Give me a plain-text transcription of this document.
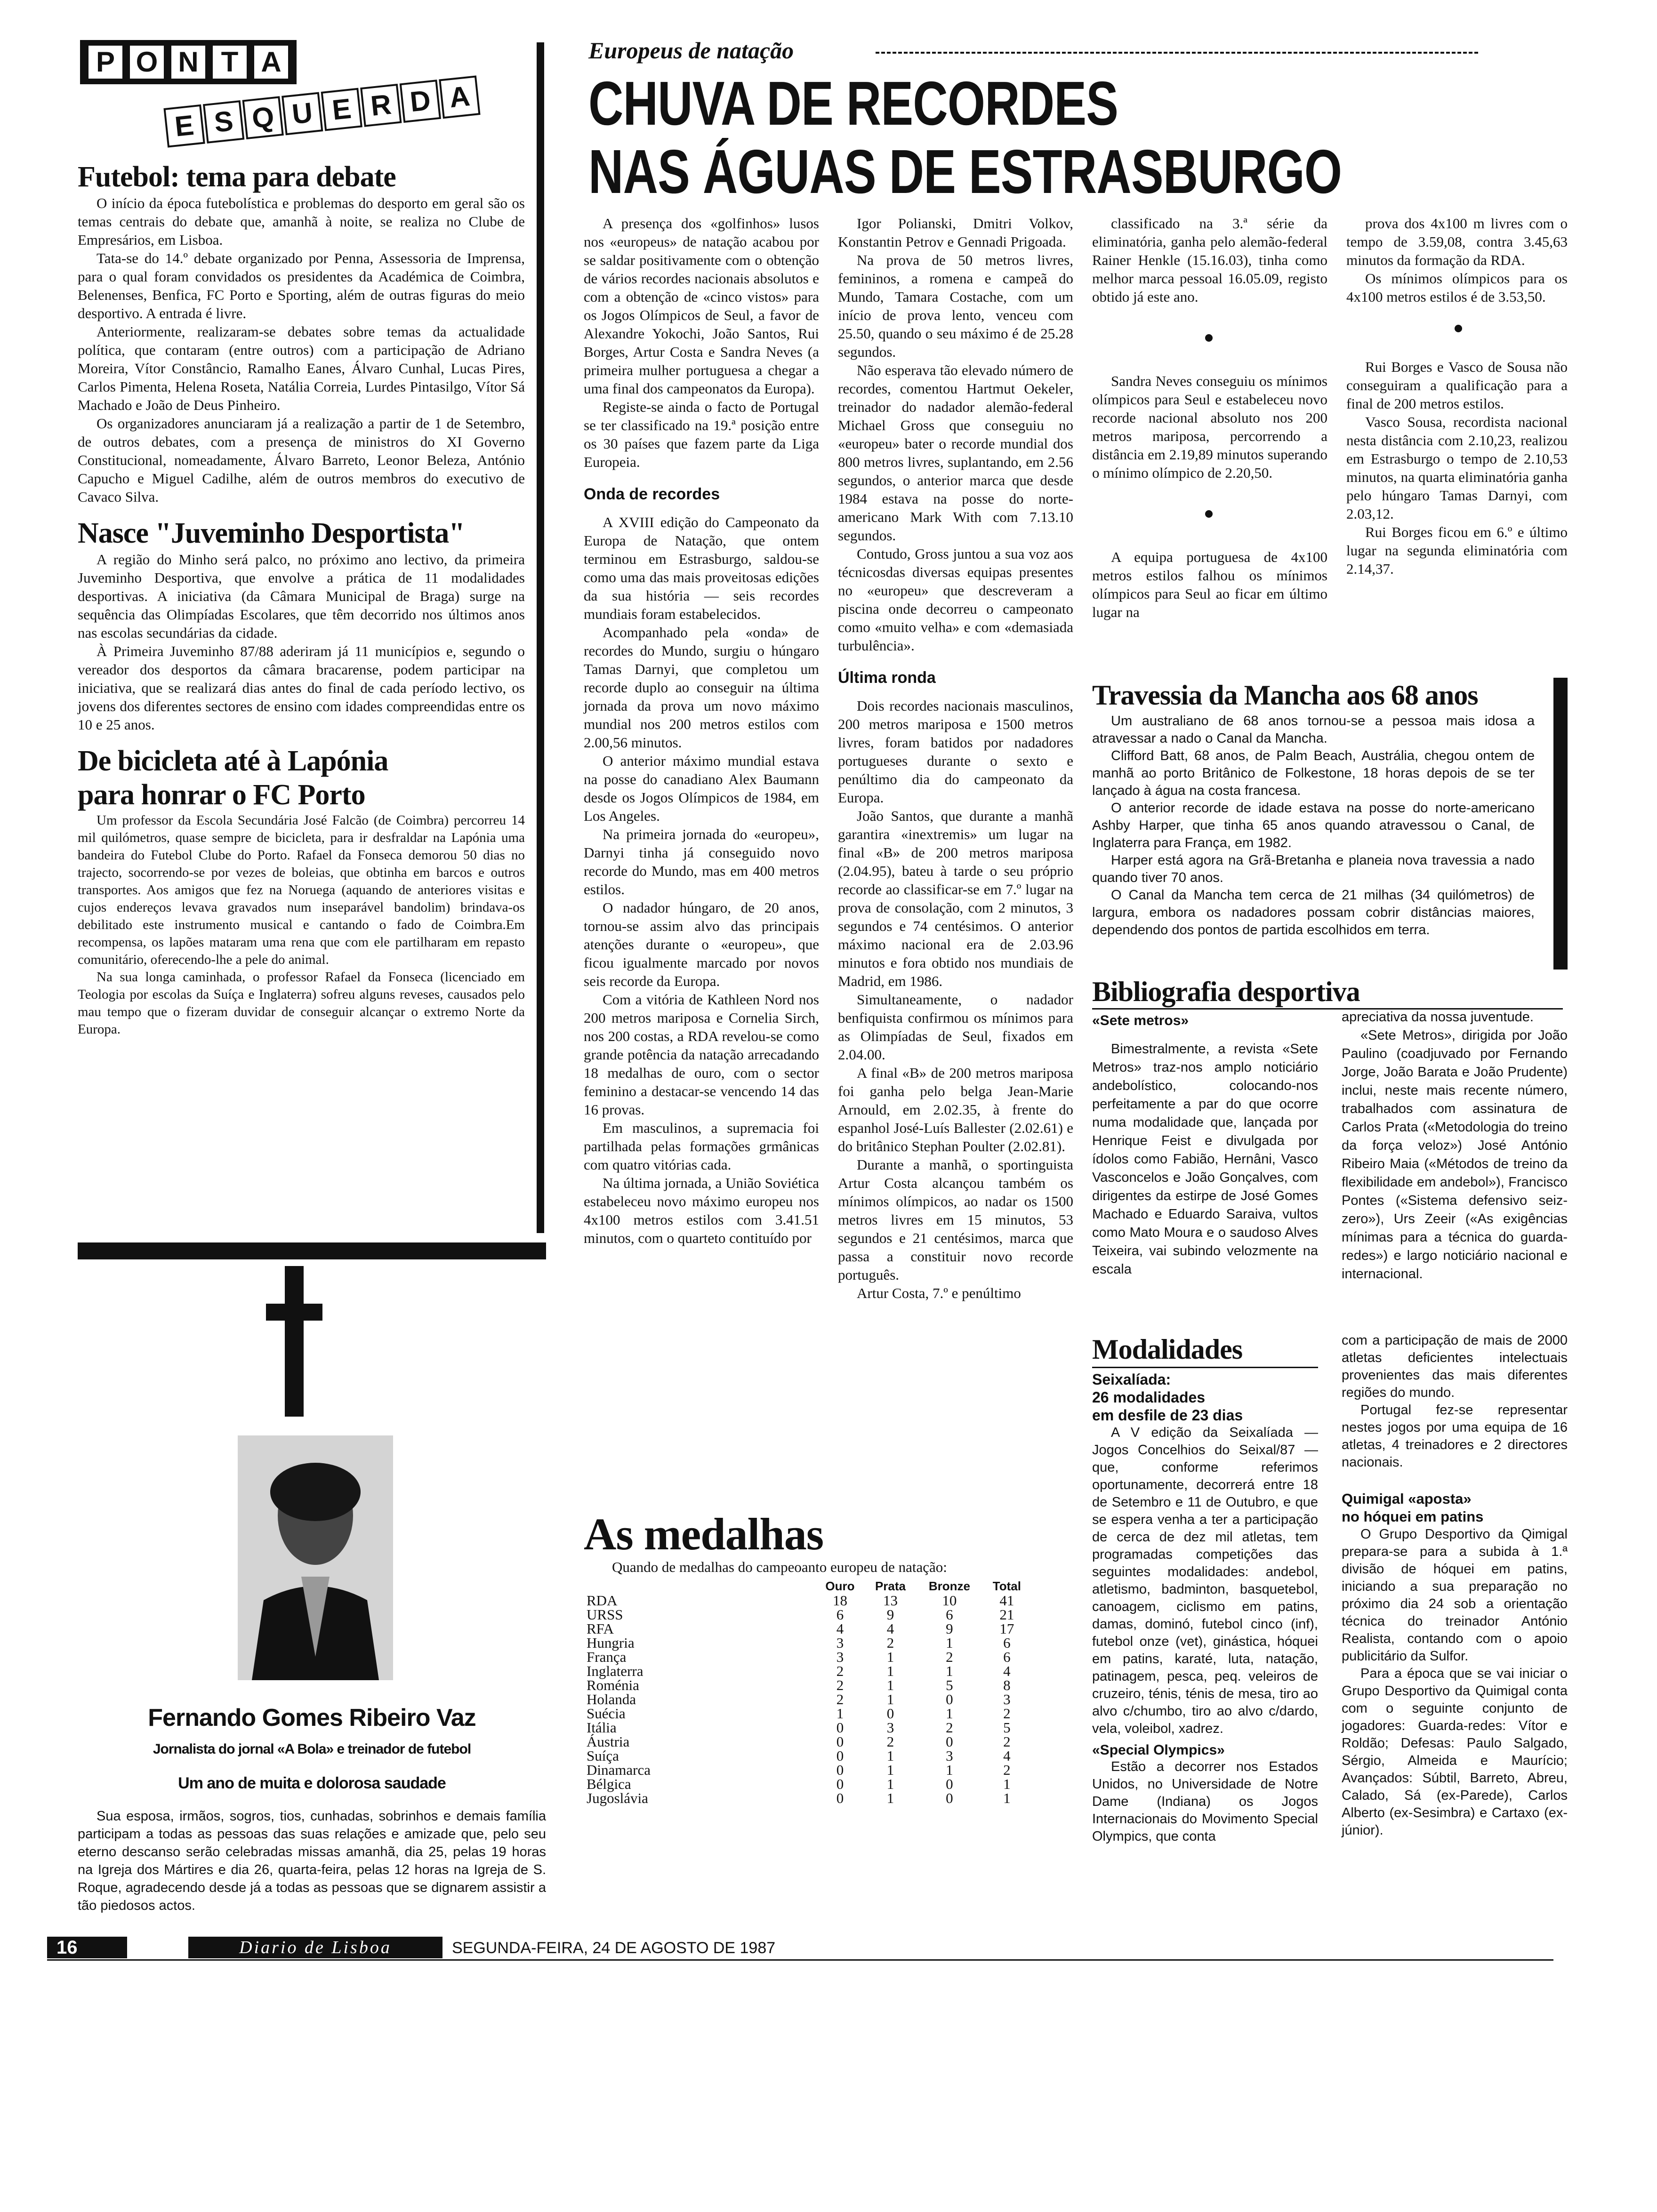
P O N T A
E S Q U E R D A
Futebol: tema para debate

O início da época futebolística e problemas do desporto em geral são os temas centrais do debate que, amanhã à noite, se realiza no Clube de Empresários, em Lisboa.

Tata-se do 14.º debate organizado por Penna, Assessoria de Imprensa, para o qual foram convidados os presidentes da Académica de Coimbra, Belenenses, Benfica, FC Porto e Sporting, além de outras figuras do meio desportivo. A entrada é livre.

Anteriormente, realizaram-se debates sobre temas da actualidade política, que contaram (entre outros) com a participação de Adriano Moreira, Vítor Constâncio, Ramalho Eanes, Álvaro Cunhal, Lucas Pires, Carlos Pimenta, Helena Roseta, Natália Correia, Lurdes Pintasilgo, Vítor Sá Machado e João de Deus Pinheiro.

Os organizadores anunciaram já a realização a partir de 1 de Setembro, de outros debates, com a presença de ministros do XI Governo Constitucional, nomeadamente, Álvaro Barreto, Leonor Beleza, António Capucho e Miguel Cadilhe, além de outros membros do executivo de Cavaco Silva.

Nasce "Juveminho Desportista"

A região do Minho será palco, no próximo ano lectivo, da primeira Juveminho Desportiva, que envolve a prática de 11 modalidades desportivas. A iniciativa (da Câmara Municipal de Braga) surge na sequência das Olimpíadas Escolares, que têm decorrido nos últimos anos nas escolas secundárias da cidade.

À Primeira Juveminho 87/88 aderiram já 11 municípios e, segundo o vereador dos desportos da câmara bracarense, podem participar na iniciativa, que se realizará dias antes do final de cada período lectivo, os jovens dos diferentes sectores de ensino com idades compreendidas entre os 10 e 25 anos.

De bicicleta até à Lapónia
para honrar o FC Porto

Um professor da Escola Secundária José Falcão (de Coimbra) percorreu 14 mil quilómetros, quase sempre de bicicleta, para ir desfraldar na Lapónia uma bandeira do Futebol Clube do Porto. Rafael da Fonseca demorou 50 dias no trajecto, socorrendo-se por vezes de boleias, que obtinha em barcos e outros transportes. Aos amigos que fez na Noruega (aquando de anteriores visitas e cujos endereços levava gravados num inseparável bandolim) brindava-os debilitado este instrumento musical e cantando o fado de Coimbra.Em recompensa, os lapões mataram uma rena que com ele partilharam em repasto comunitário, oferecendo-lhe a pele do animal.

Na sua longa caminhada, o professor Rafael da Fonseca (licenciado em Teologia por escolas da Suíça e Inglaterra) sofreu alguns reveses, causados pelo mau tempo que o fizeram duvidar de conseguir alcançar o extremo Norte da Europa.

Fernando Gomes Ribeiro Vaz
Jornalista do jornal «A Bola» e treinador de futebol
Um ano de muita e dolorosa saudade
Sua esposa, irmãos, sogros, tios, cunhadas, sobrinhos e demais família participam a todas as pessoas das suas relações e amizade que, pelo seu eterno descanso serão celebradas missas amanhã, dia 25, pelas 19 horas na Igreja dos Mártires e dia 26, quarta-feira, pelas 12 horas na Igreja de S. Roque, agradecendo desde já a todas as pessoas que se dignarem assistir a tão piedosos actos.
16	Diario de Lisboa	SEGUNDA-FEIRA, 24 DE AGOSTO DE 1987
Europeus de natação
CHUVA DE RECORDES
NAS ÁGUAS DE ESTRASBURGO

A presença dos «golfinhos» lusos nos «europeus» de natação acabou por se saldar positivamente com o obtenção de vários recordes nacionais absolutos e com a obtenção de «cinco vistos» para os Jogos Olímpicos de Seul, a favor de Alexandre Yokochi, João Santos, Rui Borges, Artur Costa e Sandra Neves (a primeira mulher portuguesa a chegar a uma final dos campeonatos da Europa).

Registe-se ainda o facto de Portugal se ter classificado na 19.ª posição entre os 30 países que fazem parte da Liga Europeia.

Onda de recordes

A XVIII edição do Campeonato da Europa de Natação, que ontem terminou em Estrasburgo, saldou-se como uma das mais proveitosas edições da sua história — seis recordes mundiais foram estabelecidos.

Acompanhado pela «onda» de recordes do Mundo, surgiu o húngaro Tamas Darnyi, que completou um recorde duplo ao conseguir na última jornada da prova um novo máximo mundial nos 200 metros estilos com 2.00,56 minutos.

O anterior máximo mundial estava na posse do canadiano Alex Baumann desde os Jogos Olímpicos de 1984, em Los Angeles.

Na primeira jornada do «europeu», Darnyi tinha já conseguido novo recorde do Mundo, mas em 400 metros estilos.

O nadador húngaro, de 20 anos, tornou-se assim alvo das principais atenções durante o «europeu», que ficou igualmente marcado por novos seis recorde da Europa.

Com a vitória de Kathleen Nord nos 200 metros mariposa e Cornelia Sirch, nos 200 costas, a RDA revelou-se como grande potência da natação arrecadando 18 medalhas de ouro, com o sector feminino a destacar-se vencendo 14 das 16 provas.

Em masculinos, a supremacia foi partilhada pelas formações grmânicas com quatro vitórias cada.

Na última jornada, a União Soviética estabeleceu novo máximo europeu nos 4x100 metros estilos com 3.41.51 minutos, com o quarteto contituído por

Igor Polianski, Dmitri Volkov, Konstantin Petrov e Gennadi Prigoada.

Na prova de 50 metros livres, femininos, a romena e campeã do Mundo, Tamara Costache, com um início de prova lento, venceu com 25.50, quando o seu máximo é de 25.28 segundos.

Não esperava tão elevado número de recordes, comentou Hartmut Oekeler, treinador do nadador alemão-federal Michael Gross que conseguiu no «europeu» bater o recorde mundial dos 800 metros livres, suplantando, em 2.56 segundos, o anterior marca que desde 1984 estava na posse do norte-americano Mark With com 7.13.10 segundos.

Contudo, Gross juntou a sua voz aos técnicosdas diversas equipas presentes no «europeu» que descreveram a piscina onde decorreu o campeonato como «muito velha» e com «demasiada turbulência».

Última ronda

Dois recordes nacionais masculinos, 200 metros mariposa e 1500 metros livres, foram batidos por nadadores portugueses durante o sexto e penúltimo dia do campeonato da Europa.

João Santos, que durante a manhã garantira «inextremis» um lugar na final «B» de 200 metros mariposa (2.04.95), bateu à tarde o seu próprio recorde ao classificar-se em 7.º lugar na prova de consolação, com 2 minutos, 3 segundos e 74 centésimos. O anterior máximo nacional era de 2.03.96 minutos e fora obtido nos mundiais de Madrid, em 1986.

Simultaneamente, o nadador benfiquista confirmou os mínimos para as Olimpíadas de Seul, fixados em 2.04.00.

A final «B» de 200 metros mariposa foi ganha pelo belga Jean-Marie Arnould, em 2.02.35, à frente do espanhol José-Luís Ballester (2.02.61) e do britânico Stephan Poulter (2.02.81).

Durante a manhã, o sportinguista Artur Costa alcançou também os mínimos olímpicos, ao nadar os 1500 metros livres em 15 minutos, 53 segundos e 21 centésimos, marca que passa a constituir novo recorde português.

Artur Costa, 7.º e penúltimo

classificado na 3.ª série da eliminatória, ganha pelo alemão-federal Rainer Henkle (15.16.03), tinha como melhor marca pessoal 16.05.09, registo obtido já este ano.

Sandra Neves conseguiu os mínimos olímpicos para Seul e estabeleceu novo recorde nacional absoluto nos 200 metros mariposa, percorrendo a distância em 2.19,89 minutos superando o mínimo olímpico de 2.20,50.

A equipa portuguesa de 4x100 metros estilos falhou os mínimos olímpicos para Seul ao ficar em último lugar na

prova dos 4x100 m livres com o tempo de 3.59,08, contra 3.45,63 minutos da formação da RDA.

Os mínimos olímpicos para os 4x100 metros estilos é de 3.53,50.

Rui Borges e Vasco de Sousa não conseguiram a qualificação para a final de 200 metros estilos.

Vasco Sousa, recordista nacional nesta distância com 2.10,23, realizou em Estrasburgo o tempo de 2.10,53 minutos, na quarta eliminatória ganha pelo húngaro Tamas Darnyi, com 2.03,12.

Rui Borges ficou em 6.º e último lugar na segunda eliminatória com 2.14,37.

As medalhas
Quando de medalhas do campeoanto europeu de natação:
	Ouro	Prata	Bronze	Total
RDA	18	13	10	41
URSS	6	9	6	21
RFA	4	4	9	17
Hungria	3	2	1	6
França	3	1	2	6
Inglaterra	2	1	1	4
Roménia	2	1	5	8
Holanda	2	1	0	3
Suécia	1	0	1	2
Itália	0	3	2	5
Áustria	0	2	0	2
Suíça	0	1	3	4
Dinamarca	0	1	1	2
Bélgica	0	1	0	1
Jugoslávia	0	1	0	1
Travessia da Mancha aos 68 anos

Um australiano de 68 anos tornou-se a pessoa mais idosa a atravessar a nado o Canal da Mancha.

Clifford Batt, 68 anos, de Palm Beach, Austrália, chegou ontem de manhã ao porto Britânico de Folkestone, 18 horas depois de se ter lançado à água na costa francesa.

O anterior recorde de idade estava na posse do norte-americano Ashby Harper, que tinha 65 anos quando atravessou o Canal, de Inglaterra para França, em 1982.

Harper está agora na Grã-Bretanha e planeia nova travessia a nado quando tiver 70 anos.

O Canal da Mancha tem cerca de 21 milhas (34 quilómetros) de largura, embora os nadadores possam cobrir distâncias maiores, dependendo dos pontos de partida escolhidos em terra.

Bibliografia desportiva
«Sete metros»
Bimestralmente, a revista «Sete Metros» traz-nos amplo noticiário andebolístico, colocando-nos perfeitamente a par do que ocorre numa modalidade que, lançada por Henrique Feist e divulgada por ídolos como Fabião, Hernâni, Vasco Vasconcelos e João Gonçalves, com dirigentes da estirpe de José Gomes Machado e Eduardo Saraiva, vultos como Mato Moura e o saudoso Alves Teixeira, vai subindo velozmente na escala

apreciativa da nossa juventude.

«Sete Metros», dirigida por João Paulino (coadjuvado por Fernando Jorge, João Barata e João Prudente) inclui, neste mais recente número, trabalhados com assinatura de Carlos Prata («Metodologia do treino da força veloz») José António Ribeiro Maia («Métodos de treino da flexibilidade em andebol»), Francisco Pontes («Sistema defensivo seiz-zero»), Urs Zeeir («As exigências mínimas para a técnica do guarda-redes») e largo noticiário nacional e internacional.

Modalidades
Seixalíada:
26 modalidades
em desfile de 23 dias
A V edição da Seixalíada — Jogos Concelhios do Seixal/87 — que, conforme referimos oportunamente, decorrerá entre 18 de Setembro e 11 de Outubro, e que se espera venha a ter a participação de cerca de dez mil atletas, tem programadas competições das seguintes modalidades: andebol, atletismo, badminton, basquetebol, canoagem, ciclismo em patins, damas, dominó, futebol cinco (inf), futebol onze (vet), ginástica, hóquei em patins, karaté, luta, natação, patinagem, pesca, peq. veleiros de cruzeiro, ténis, ténis de mesa, tiro ao alvo c/chumbo, tiro ao alvo c/dardo, vela, voleibol, xadrez.
«Special Olympics»
Estão a decorrer nos Estados Unidos, no Universidade de Notre Dame (Indiana) os Jogos Internacionais do Movimento Special Olympics, que conta

com a participação de mais de 2000 atletas deficientes intelectuais provenientes das mais diferentes regiões do mundo.

Portugal fez-se representar nestes jogos por uma equipa de 16 atletas, 4 treinadores e 2 directores nacionais.

Quimigal «aposta»
no hóquei em patins

O Grupo Desportivo da Qimigal prepara-se para a subida à 1.ª divisão de hóquei em patins, iniciando a sua preparação no próximo dia 24 sob a orientação técnica do treinador António Realista, contando com o apoio publicitário da Sulfor.

Para a época que se vai iniciar o Grupo Desportivo da Quimigal conta com o seguinte conjunto de jogadores: Guarda-redes: Vítor e Roldão; Defesas: Paulo Salgado, Sérgio, Almeida e Maurício; Avançados: Súbtil, Barreto, Abreu, Calado, Sá (ex-Parede), Carlos Alberto (ex-Sesimbra) e Cartaxo (ex-júnior).
